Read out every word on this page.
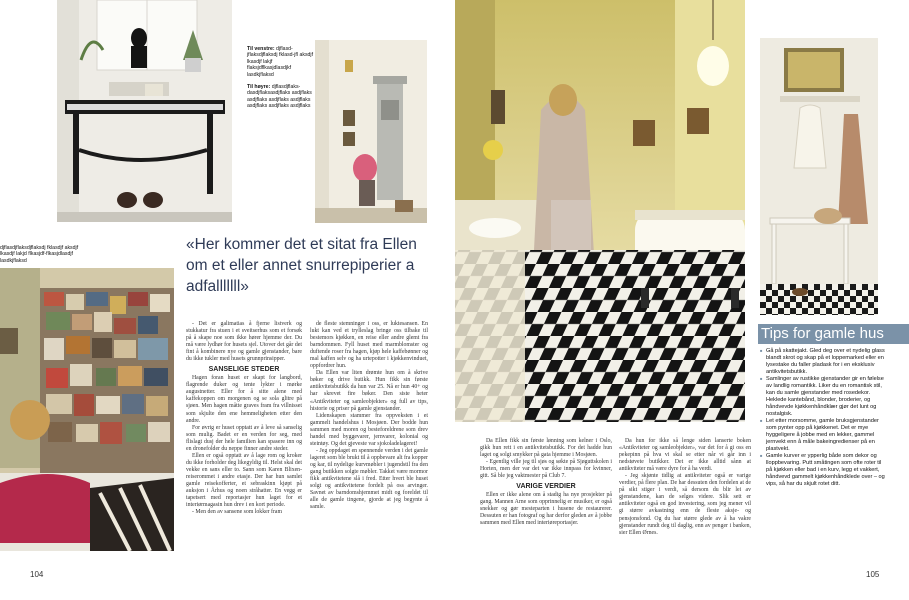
Til venstre: djflasd-jflaksdjflaksdj fklasd-jfl aksdjf lkasdjf lakjf flaksjdflkasjdlasdjkf lasdkjflaksd
Til høyre: djflasdjflaks-dasdjflaksasdjflaks asdjflaks asdjflaks asdjflaks asdjflaks asdjflaks asdjflaks asdjflaks
djflasdjflaksdjflaksdj fklasdjf aksdjf lkasdjf lakjd flkasjdf-flkasjdlasdjf lasdkjflaksd
«Her kommer det et sitat fra Ellen om et eller annet snurrepiperier a adfalllllll»

- Det er galimatias å fjerne listverk og stukkatur fra stuen i et sveitserhus som et forsøk på å skape noe som ikke hører hjemme der. Du må være lydhør for husets sjel. Utover det går det fint å kombinere nye og gamle gjenstander, bare du ikke tukler med husets grunnprinsipper.

SANSELIGE STEDER

Hagen foran huset er skapt for langbord, flagrende duker og tente lykter i mørke augustnetter. Eller for å sitte alene med kaffekoppen om morgenen og se sola glitre på sjøen. Men hagen måtte graves fram fra villnisset som skjulte den ene hemmeligheten etter den andre.

For øvrig er huset opptatt av å leve så sanselig som mulig. Badet er en verden for seg, med flislagt dusj der hele familien kan spasere inn og en dronefolder du neppe finner andre steder.

Ellen er også opptatt av å lage rom og kroker du ikke forholder deg likegyldig til. Helst skal det vekke en sans eller to. Sann som Karen Blixen-reiserommet i andre etasje. Der har hun samlet gamle reisekofferter, et sebraskinn kjøpt på auksjon i Århus og noen stråhatter. En vegg er tapetsert med reportasjer hun laget for et interiørmagasin hun drev i en kort periode.

- Men den av sansene som lokker fram

de fleste stemninger i oss, er luktesansen. En lukt kan ved et trylleslag bringe oss tilbake til bestemors kjøkken, en reise eller andre glemt fra barndommen. Fyll huset med marmblomster og duftende roser fra hagen, kjøp hele kaffebønner og mal kaffen selv og ha urtepotter i kjøkkenvinduet, oppfordrer hun.

Da Ellen var liten drømte hun om å skrive bøker og drive butikk. Hun fikk sin første antikvitetsbutikk da hun var 25. Nå er hun 40+ og har skrevet fire bøker. Den siste heter «Antikviteter og samleobjekter» og full av tips, historie og priser på gamle gjenstander.

Lidenskapen stammer fra oppveksten i et gammelt handelshus i Mosjøen. Der bodde hun sammen med moren og besteforeldrene som drev handel med byggevarer, jernvarer, kolonial og steintøy. Og det gjeveste var sjokoladelageret!

- Jeg oppdaget en spennende verden i det gamle lageret som ble brukt til å oppbevare alt fra kopper og kar, til nydelige kurvmøbler i jugendstil fra den gang butikken solgte møbler. Takket være mormor fikk antikvitetene slå i fred. Etter hvert ble huset solgt og antikvitetene fordelt på oss arvinger. Savnet av barndomshjemmet midt og foreldet til alle de gamle tingene, gjorde at jeg begynte å samle.

104
Tips for gamle hus
■ Gå på skattejakt. Gled deg over et nydelig glass blandt skrot og skap på et loppemarked eller en lysestake du faller pladask for i en eksklusiv antikvitetsbutikk.
■ Samlinger av rustikke gjenstander gir en følelse av landlig romantikk. Liker du en romantisk stil, kan du samle gjenstander med rosedekor. Heklede kantebånd, blonder, broderier, og håndvevde kjøkkenhåndklær gjør det lunt og nostalgisk.
■ Let etter morsomme, gamle bruksgjenstander som pynter opp på kjøkkenet. Det er mye hyggeligere å jobbe med en lekker, gammel jernvekt enn å måle bakeingredienser på en plastvekt.
■ Gamle kurver er ypperlig både som dekor og lloppbevaring. Putt småtingen som ofte roter til på kjøkken eller bad i en kurv, legg et vakkert, håndvevd gammelt kjøkkenhåndklede over – og vips, så har du skjult rotet ditt.

Da Ellen fikk sin første lønning som kelner i Oslo, gikk hun rett i en antikvitetsbutikk. For det hadde hun laget og solgt smykker på gata hjemme i Mosjøen.

- Egentlig ville jeg til sjøs og søkte på Sjøguttskolen i Horten, men der var det var ikke innpass for kvinner, gitt. Så ble jeg vaktmester på Club 7.

VARIGE VERDIER

Ellen er ikke alene om å stadig ha nye prosjekter på gang. Mannen Arne som opprinnelig er musiker, er også snekker og gør mesteparten i husene de restaurerer. Dessuten er han fotograf og har derfor gleden av å jobbe sammen med Ellen med interiøreportasjer.

Da hun for ikke så lenge siden lanserte boken «Antikviteter og samleobjekter», var det for å gi oss en pekepinn på hva vi skal se etter når vi går inn i nedstøvete butikker. Det er ikke alltid sånn at antikviteter må være dyre for å ha verdi.

- Jeg skjønte tidlig at antikviteter også er varige verdier, på flere plan. De har dessuten den fordelen at de på sikt stiger i verdi, så dersom du blir lei av gjenstandene, kan de selges videre. Slik sett er antikviteter også en god investering, som jeg mener vil gi større avkastning enn de fleste aksje- og pensjonsfond. Og du har større glede av å ha vakre gjenstander rundt deg til daglig, enn av penger i banken, sier Ellen Ørnes.

105
